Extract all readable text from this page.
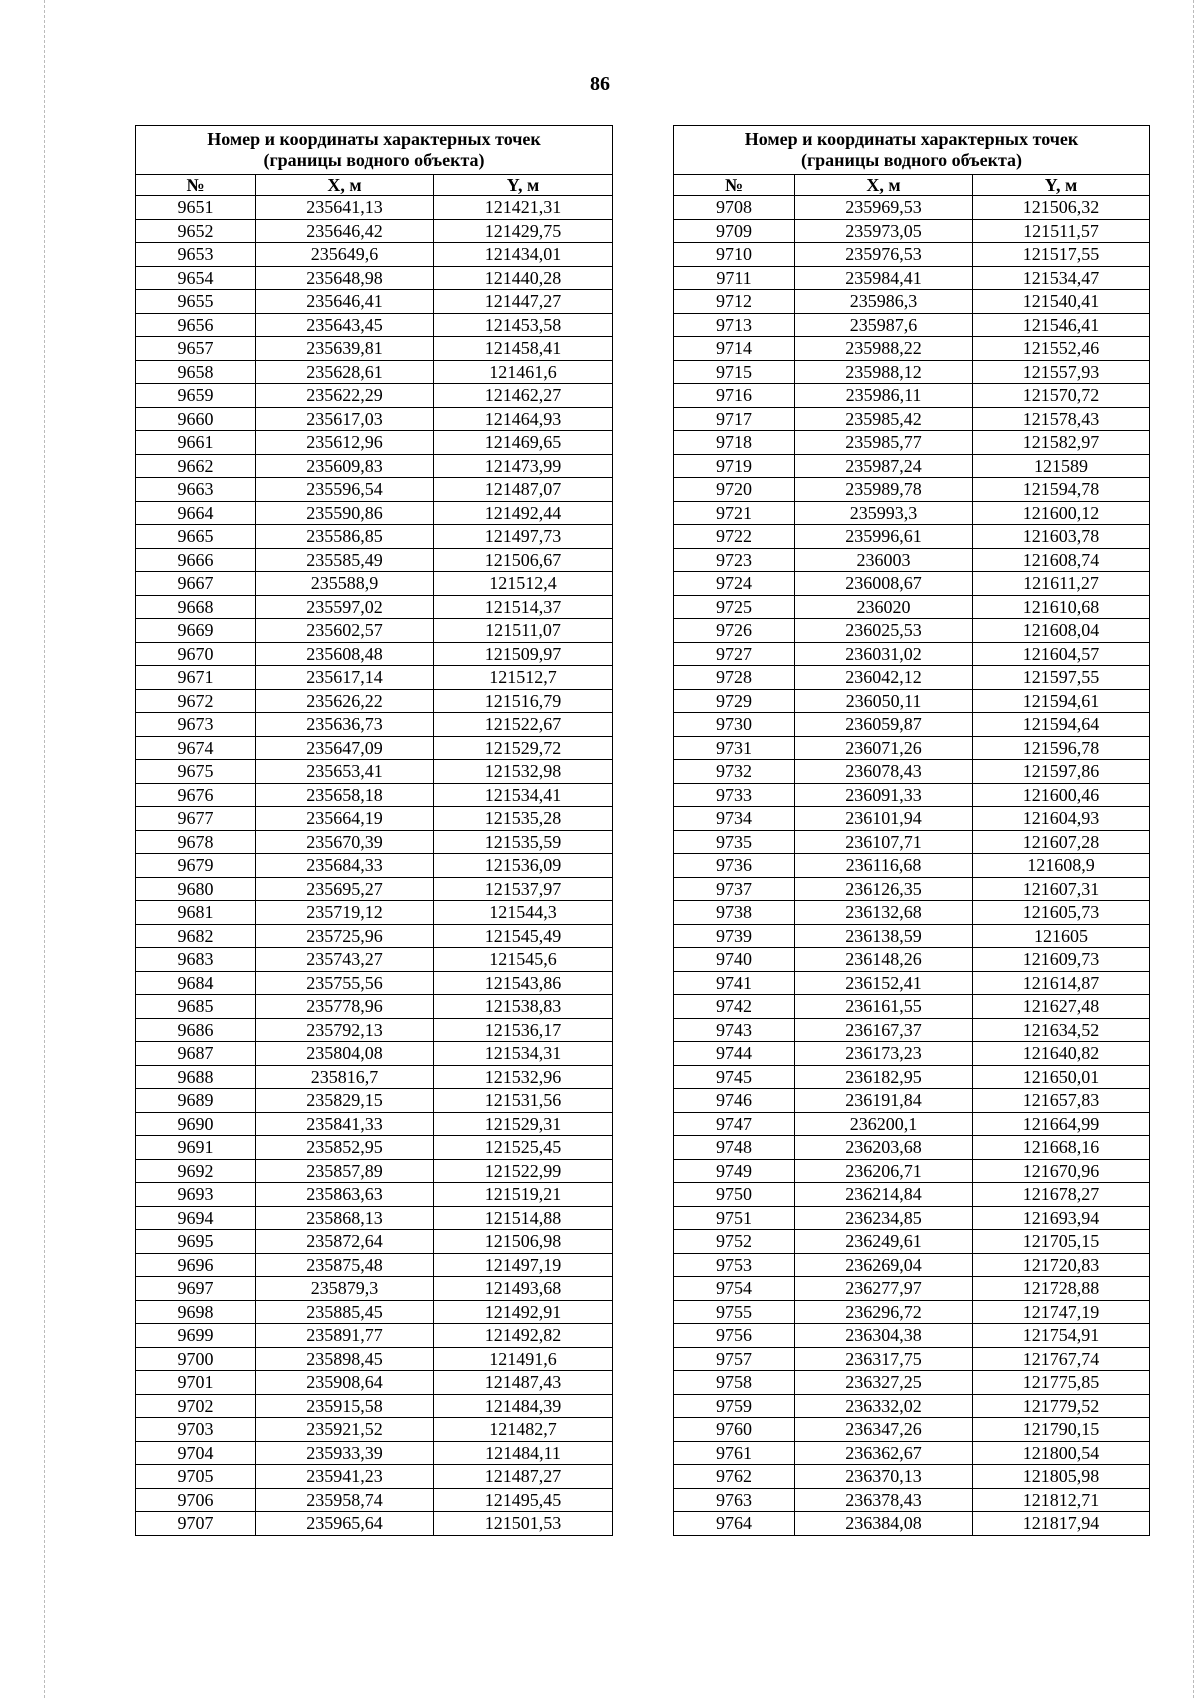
86
Номер и координаты характерных точек
(границы водного объекта)		

№	X, м	Y, м
9651	235641,13	121421,31
9652	235646,42	121429,75
9653	235649,6	121434,01
9654	235648,98	121440,28
9655	235646,41	121447,27
9656	235643,45	121453,58
9657	235639,81	121458,41
9658	235628,61	121461,6
9659	235622,29	121462,27
9660	235617,03	121464,93
9661	235612,96	121469,65
9662	235609,83	121473,99
9663	235596,54	121487,07
9664	235590,86	121492,44
9665	235586,85	121497,73
9666	235585,49	121506,67
9667	235588,9	121512,4
9668	235597,02	121514,37
9669	235602,57	121511,07
9670	235608,48	121509,97
9671	235617,14	121512,7
9672	235626,22	121516,79
9673	235636,73	121522,67
9674	235647,09	121529,72
9675	235653,41	121532,98
9676	235658,18	121534,41
9677	235664,19	121535,28
9678	235670,39	121535,59
9679	235684,33	121536,09
9680	235695,27	121537,97
9681	235719,12	121544,3
9682	235725,96	121545,49
9683	235743,27	121545,6
9684	235755,56	121543,86
9685	235778,96	121538,83
9686	235792,13	121536,17
9687	235804,08	121534,31
9688	235816,7	121532,96
9689	235829,15	121531,56
9690	235841,33	121529,31
9691	235852,95	121525,45
9692	235857,89	121522,99
9693	235863,63	121519,21
9694	235868,13	121514,88
9695	235872,64	121506,98
9696	235875,48	121497,19
9697	235879,3	121493,68
9698	235885,45	121492,91
9699	235891,77	121492,82
9700	235898,45	121491,6
9701	235908,64	121487,43
9702	235915,58	121484,39
9703	235921,52	121482,7
9704	235933,39	121484,11
9705	235941,23	121487,27
9706	235958,74	121495,45
9707	235965,64	121501,53
Номер и координаты характерных точек
(границы водного объекта)		

№	X, м	Y, м
9708	235969,53	121506,32
9709	235973,05	121511,57
9710	235976,53	121517,55
9711	235984,41	121534,47
9712	235986,3	121540,41
9713	235987,6	121546,41
9714	235988,22	121552,46
9715	235988,12	121557,93
9716	235986,11	121570,72
9717	235985,42	121578,43
9718	235985,77	121582,97
9719	235987,24	121589
9720	235989,78	121594,78
9721	235993,3	121600,12
9722	235996,61	121603,78
9723	236003	121608,74
9724	236008,67	121611,27
9725	236020	121610,68
9726	236025,53	121608,04
9727	236031,02	121604,57
9728	236042,12	121597,55
9729	236050,11	121594,61
9730	236059,87	121594,64
9731	236071,26	121596,78
9732	236078,43	121597,86
9733	236091,33	121600,46
9734	236101,94	121604,93
9735	236107,71	121607,28
9736	236116,68	121608,9
9737	236126,35	121607,31
9738	236132,68	121605,73
9739	236138,59	121605
9740	236148,26	121609,73
9741	236152,41	121614,87
9742	236161,55	121627,48
9743	236167,37	121634,52
9744	236173,23	121640,82
9745	236182,95	121650,01
9746	236191,84	121657,83
9747	236200,1	121664,99
9748	236203,68	121668,16
9749	236206,71	121670,96
9750	236214,84	121678,27
9751	236234,85	121693,94
9752	236249,61	121705,15
9753	236269,04	121720,83
9754	236277,97	121728,88
9755	236296,72	121747,19
9756	236304,38	121754,91
9757	236317,75	121767,74
9758	236327,25	121775,85
9759	236332,02	121779,52
9760	236347,26	121790,15
9761	236362,67	121800,54
9762	236370,13	121805,98
9763	236378,43	121812,71
9764	236384,08	121817,94
